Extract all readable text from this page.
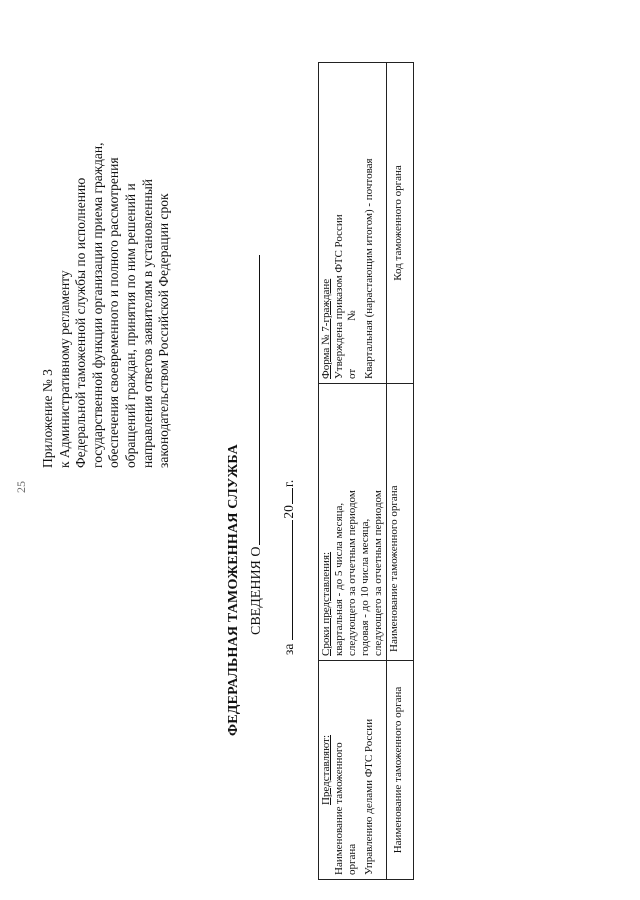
25
Приложение № 3 к Административному регламенту Федеральной таможенной службы по исполнению государственной функции организации приема граждан, обеспечения своевременного и полного рассмотрения обращений граждан, принятия по ним решений и направления ответов заявителям в установленный законодательством Российской Федерации срок
ФЕДЕРАЛЬНАЯ ТАМОЖЕННАЯ СЛУЖБА СВЕДЕНИЯ О
за20г.
Представляют: Наименование таможенного органа Управлению делами ФТС России	Сроки представления: квартальная - до 5 числа месяца, следующего за отчетным периодом годовая - до 10 числа месяца, следующего за отчетным периодом	Форма № 7-граждане Утверждена приказом ФТС России от№ Квартальная (нарастающим итогом) - почтовая

Наименование таможенного органа	Наименование таможенного органа	Код таможенного органа
